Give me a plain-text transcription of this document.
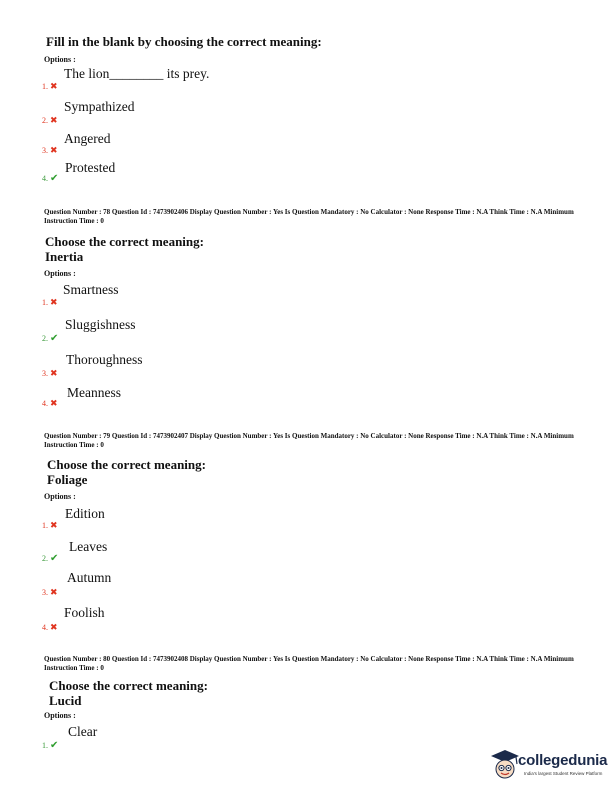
Fill in the blank by choosing the correct meaning:
Options :
1. ✖
The lion________ its prey.
2. ✖
Sympathized
3. ✖
Angered
4. ✔
Protested
Question Number : 78 Question Id : 7473902406 Display Question Number : Yes Is Question Mandatory : No Calculator : None Response Time : N.A Think Time : N.A Minimum Instruction Time : 0
Choose the correct meaning:
Inertia
Options :
1. ✖
Smartness
2. ✔
Sluggishness
3. ✖
Thoroughness
4. ✖
Meanness
Question Number : 79 Question Id : 7473902407 Display Question Number : Yes Is Question Mandatory : No Calculator : None Response Time : N.A Think Time : N.A Minimum Instruction Time : 0
Choose the correct meaning:
Foliage
Options :
1. ✖
Edition
2. ✔
Leaves
3. ✖
Autumn
4. ✖
Foolish
Question Number : 80 Question Id : 7473902408 Display Question Number : Yes Is Question Mandatory : No Calculator : None Response Time : N.A Think Time : N.A Minimum Instruction Time : 0
Choose the correct meaning:
Lucid
Options :
1. ✔
Clear
collegedunia
India's largest Student Review Platform
